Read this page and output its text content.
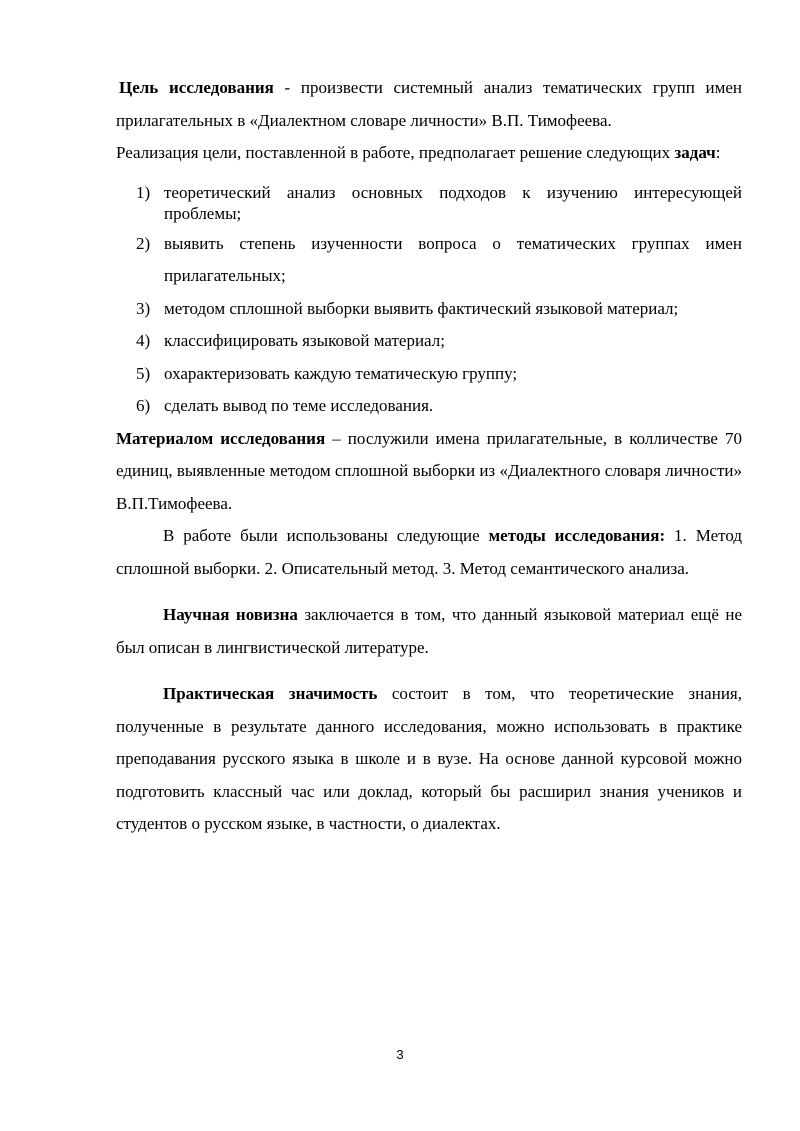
Цель исследования - произвести системный анализ тематических групп имен прилагательных в «Диалектном словаре личности» В.П. Тимофеева.

Реализация цели, поставленной в работе, предполагает решение следующих задач:

1) теоретический анализ основных подходов к изучению интересующей проблемы;
2) выявить степень изученности вопроса о тематических группах имен прилагательных;
3) методом сплошной выборки выявить фактический языковой материал;
4) классифицировать языковой материал;
5) охарактеризовать каждую тематическую группу;
6) сделать вывод по теме исследования.

Материалом исследования – послужили имена прилагательные, в колличестве 70 единиц, выявленные методом сплошной выборки из «Диалектного словаря личности» В.П.Тимофеева.

В работе были использованы следующие методы исследования: 1. Метод сплошной выборки. 2. Описательный метод. 3. Метод семантического анализа.

Научная новизна заключается в том, что данный языковой материал ещё не был описан в лингвистической литературе.

Практическая значимость состоит в том, что теоретические знания, полученные в результате данного исследования, можно использовать в практике преподавания русского языка в школе и в вузе. На основе данной курсовой можно подготовить классный час или доклад, который бы расширил знания учеников и студентов о русском языке, в частности, о диалектах.

3
